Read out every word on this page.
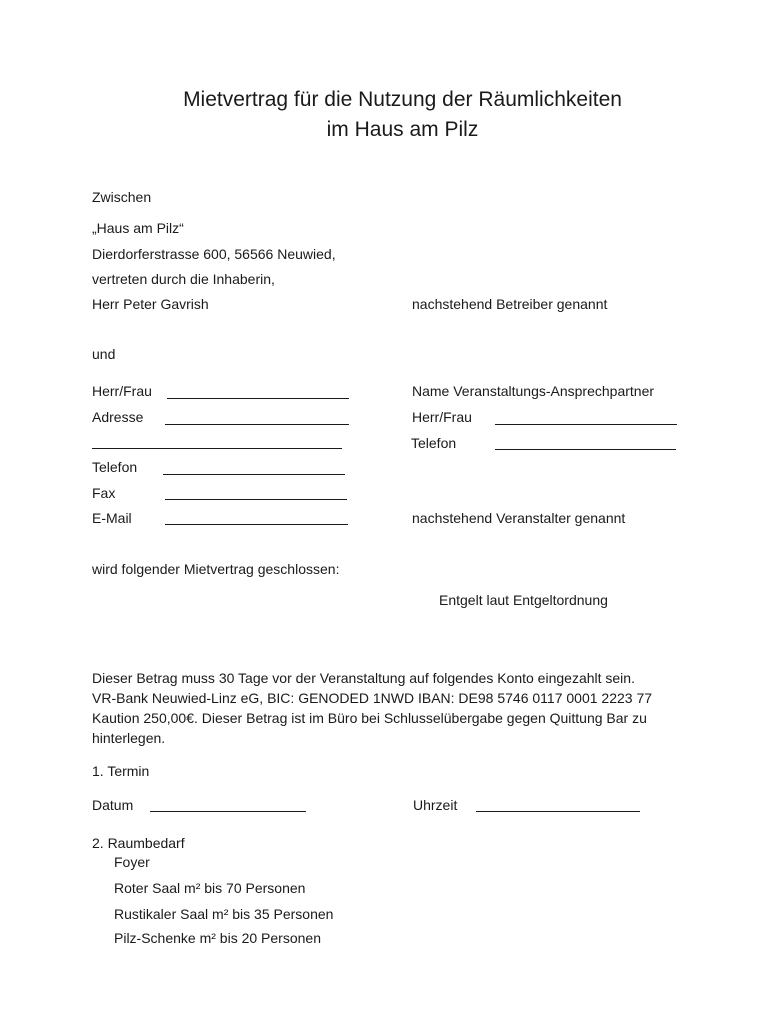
Mietvertrag für die Nutzung der Räumlichkeiten
im Haus am Pilz
Zwischen
„Haus am Pilz“
Dierdorferstrasse 600, 56566 Neuwied,
vertreten durch die Inhaberin,
Herr Peter Gavrish	nachstehend Betreiber genannt
und
Herr/Frau
Adresse
Telefon
Fax
E-Mail
Name Veranstaltungs-Ansprechpartner
Herr/Frau
Telefon
nachstehend Veranstalter genannt
wird folgender Mietvertrag geschlossen:
Entgelt laut Entgeltordnung
Dieser Betrag muss 30 Tage vor der Veranstaltung auf folgendes Konto eingezahlt sein.
VR-Bank Neuwied-Linz eG, BIC: GENODED 1NWD IBAN: DE98 5746 0117 0001 2223 77
Kaution 250,00€. Dieser Betrag ist im Büro bei Schlusselübergabe gegen Quittung Bar zu
hinterlegen.
1. Termin
Datum	Uhrzeit
2. Raumbedarf
Foyer
Roter Saal m² bis 70 Personen
Rustikaler Saal m² bis 35 Personen
Pilz-Schenke m² bis 20 Personen
